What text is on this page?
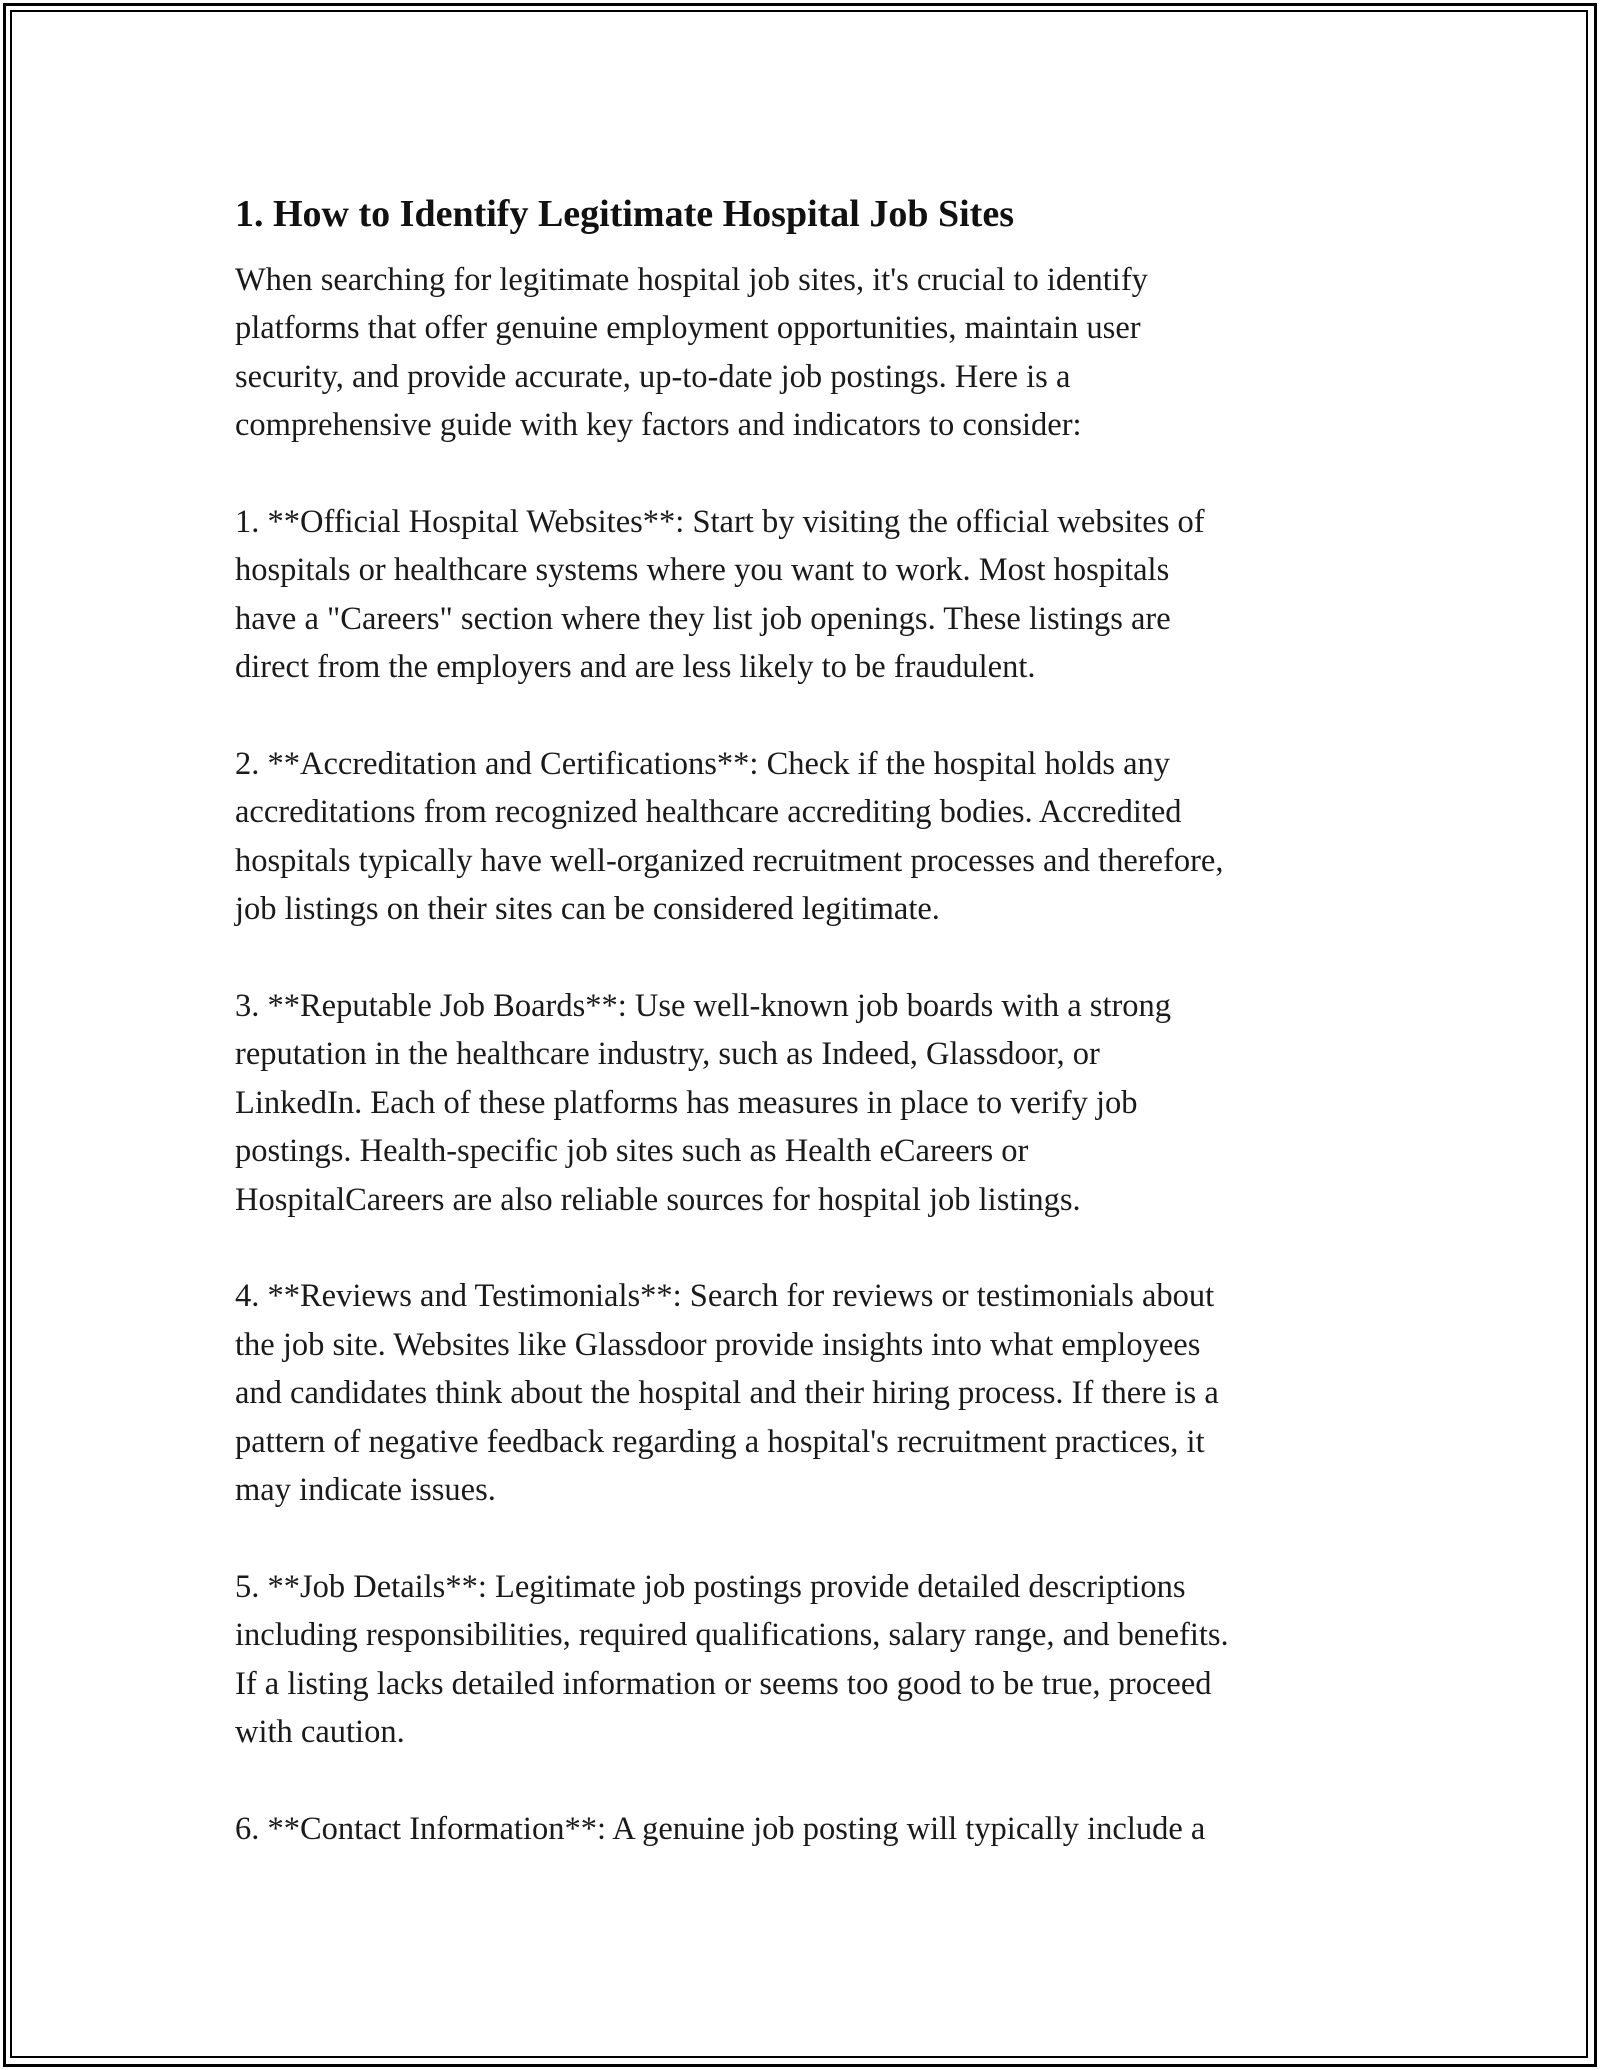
1. How to Identify Legitimate Hospital Job Sites

When searching for legitimate hospital job sites, it's crucial to identify
platforms that offer genuine employment opportunities, maintain user
security, and provide accurate, up-to-date job postings. Here is a
comprehensive guide with key factors and indicators to consider:

1. **Official Hospital Websites**: Start by visiting the official websites of
hospitals or healthcare systems where you want to work. Most hospitals
have a "Careers" section where they list job openings. These listings are
direct from the employers and are less likely to be fraudulent.

2. **Accreditation and Certifications**: Check if the hospital holds any
accreditations from recognized healthcare accrediting bodies. Accredited
hospitals typically have well-organized recruitment processes and therefore,
job listings on their sites can be considered legitimate.

3. **Reputable Job Boards**: Use well-known job boards with a strong
reputation in the healthcare industry, such as Indeed, Glassdoor, or
LinkedIn. Each of these platforms has measures in place to verify job
postings. Health-specific job sites such as Health eCareers or
HospitalCareers are also reliable sources for hospital job listings.

4. **Reviews and Testimonials**: Search for reviews or testimonials about
the job site. Websites like Glassdoor provide insights into what employees
and candidates think about the hospital and their hiring process. If there is a
pattern of negative feedback regarding a hospital's recruitment practices, it
may indicate issues.

5. **Job Details**: Legitimate job postings provide detailed descriptions
including responsibilities, required qualifications, salary range, and benefits.
If a listing lacks detailed information or seems too good to be true, proceed
with caution.

6. **Contact Information**: A genuine job posting will typically include a
